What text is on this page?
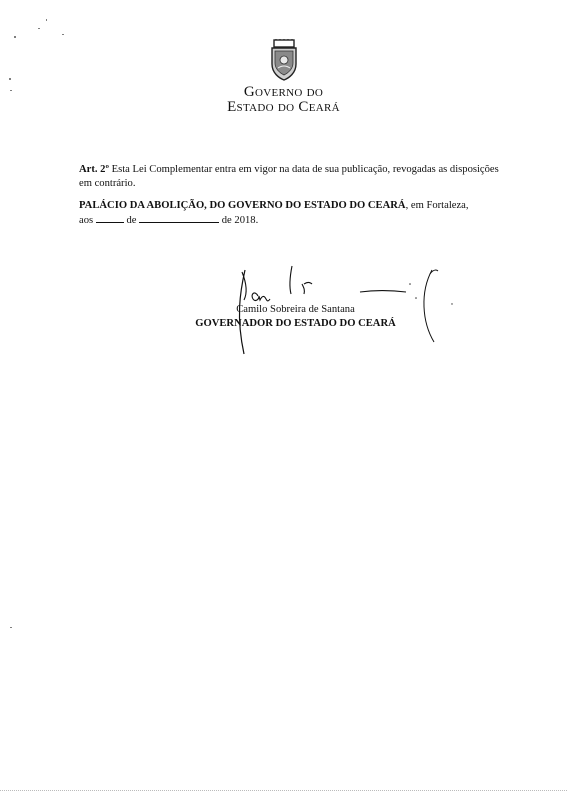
Governo do
Estado do Ceará
Art. 2º Esta Lei Complementar entra em vigor na data de sua publicação, revogadas as disposições em contrário.
PALÁCIO DA ABOLIÇÃO, DO GOVERNO DO ESTADO DO CEARÁ, em Fortaleza,
aos	de	de 2018.
Camilo Sobreira de Santana
GOVERNADOR DO ESTADO DO CEARÁ
